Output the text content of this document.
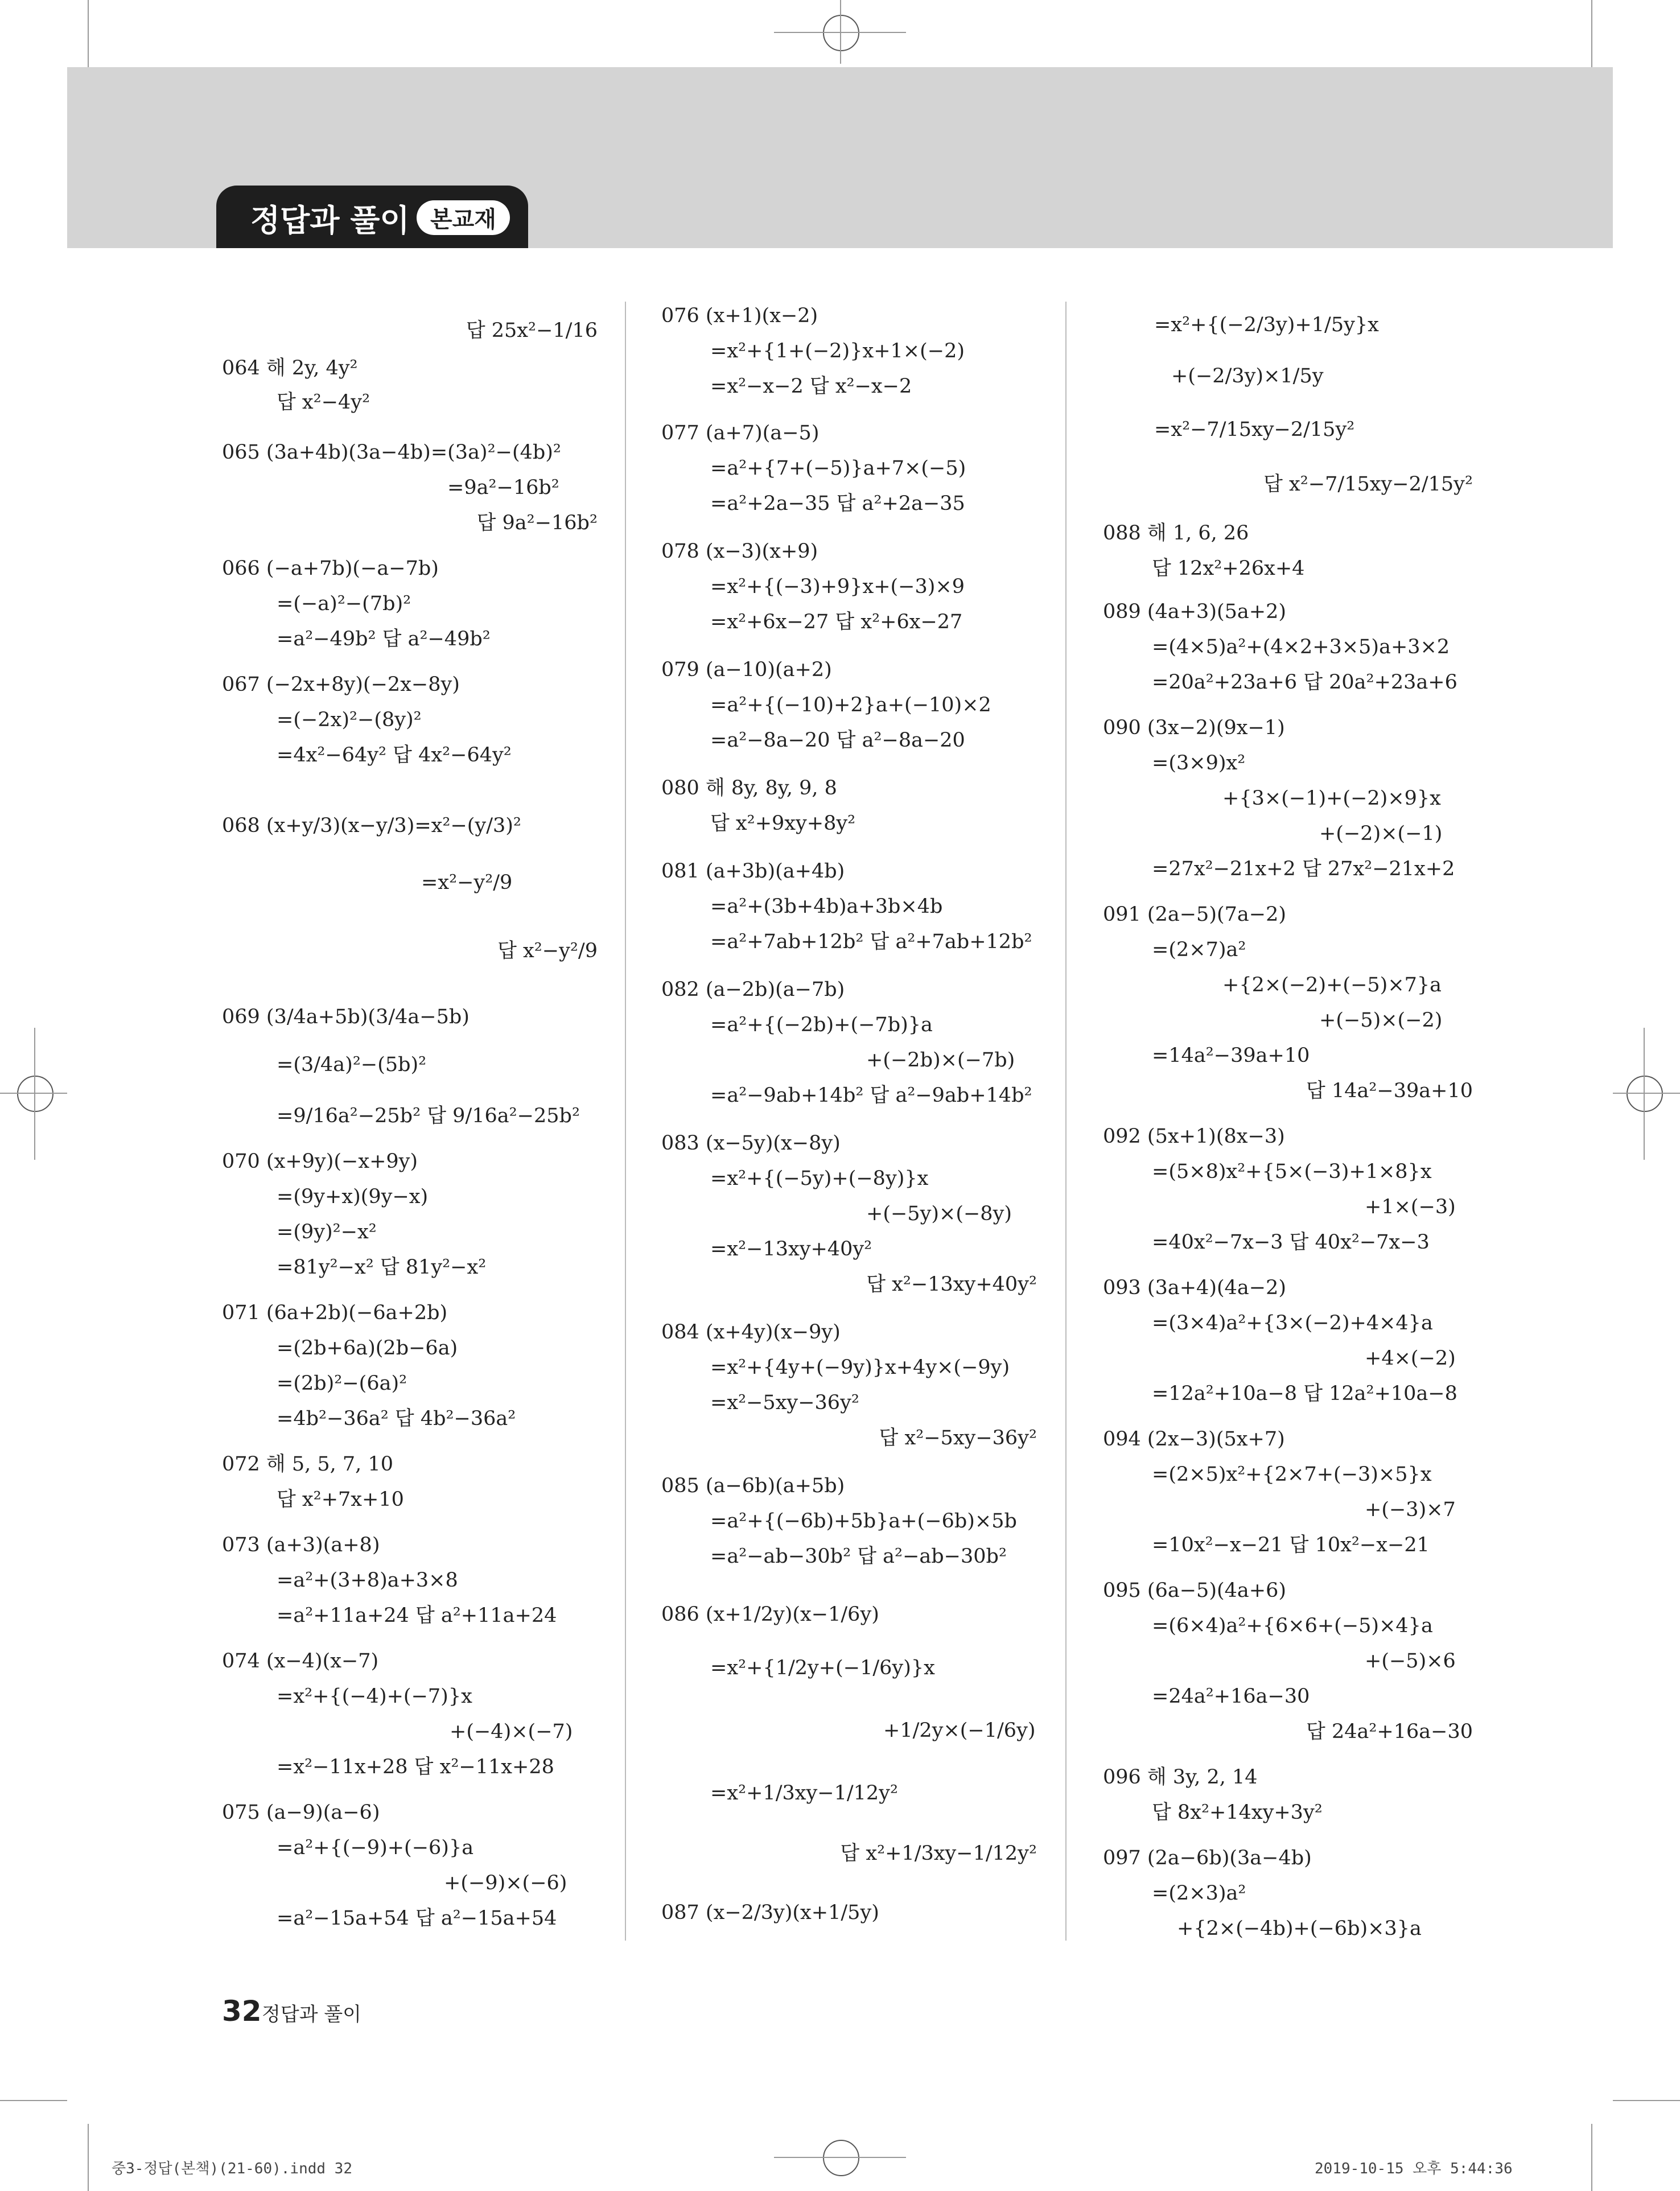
정답과 풀이 본교재
답 25x²−1/16
064 해 2y, 4y²
답 x²−4y²
065 (3a+4b)(3a−4b)=(3a)²−(4b)²
=9a²−16b²
답 9a²−16b²
066 (−a+7b)(−a−7b)
=(−a)²−(7b)²
=a²−49b² 답 a²−49b²
067 (−2x+8y)(−2x−8y)
=(−2x)²−(8y)²
=4x²−64y² 답 4x²−64y²
068 (x+y/3)(x−y/3)=x²−(y/3)²
=x²−y²/9
답 x²−y²/9
069 (3/4a+5b)(3/4a−5b)
=(3/4a)²−(5b)²
=9/16a²−25b² 답 9/16a²−25b²
070 (x+9y)(−x+9y)
=(9y+x)(9y−x)
=(9y)²−x²
=81y²−x² 답 81y²−x²
071 (6a+2b)(−6a+2b)
=(2b+6a)(2b−6a)
=(2b)²−(6a)²
=4b²−36a² 답 4b²−36a²
072 해 5, 5, 7, 10
답 x²+7x+10
073 (a+3)(a+8)
=a²+(3+8)a+3×8
=a²+11a+24 답 a²+11a+24
074 (x−4)(x−7)
=x²+{(−4)+(−7)}x
+(−4)×(−7)
=x²−11x+28 답 x²−11x+28
075 (a−9)(a−6)
=a²+{(−9)+(−6)}a
+(−9)×(−6)
=a²−15a+54 답 a²−15a+54
076 (x+1)(x−2)
=x²+{1+(−2)}x+1×(−2)
=x²−x−2 답 x²−x−2
077 (a+7)(a−5)
=a²+{7+(−5)}a+7×(−5)
=a²+2a−35 답 a²+2a−35
078 (x−3)(x+9)
=x²+{(−3)+9}x+(−3)×9
=x²+6x−27 답 x²+6x−27
079 (a−10)(a+2)
=a²+{(−10)+2}a+(−10)×2
=a²−8a−20 답 a²−8a−20
080 해 8y, 8y, 9, 8
답 x²+9xy+8y²
081 (a+3b)(a+4b)
=a²+(3b+4b)a+3b×4b
=a²+7ab+12b² 답 a²+7ab+12b²
082 (a−2b)(a−7b)
=a²+{(−2b)+(−7b)}a
+(−2b)×(−7b)
=a²−9ab+14b² 답 a²−9ab+14b²
083 (x−5y)(x−8y)
=x²+{(−5y)+(−8y)}x
+(−5y)×(−8y)
=x²−13xy+40y²
답 x²−13xy+40y²
084 (x+4y)(x−9y)
=x²+{4y+(−9y)}x+4y×(−9y)
=x²−5xy−36y²
답 x²−5xy−36y²
085 (a−6b)(a+5b)
=a²+{(−6b)+5b}a+(−6b)×5b
=a²−ab−30b² 답 a²−ab−30b²
086 (x+1/2y)(x−1/6y)
=x²+{1/2y+(−1/6y)}x
+1/2y×(−1/6y)
=x²+1/3xy−1/12y²
답 x²+1/3xy−1/12y²
087 (x−2/3y)(x+1/5y)
=x²+{(−2/3y)+1/5y}x
+(−2/3y)×1/5y
=x²−7/15xy−2/15y²
답 x²−7/15xy−2/15y²
088 해 1, 6, 26
답 12x²+26x+4
089 (4a+3)(5a+2)
=(4×5)a²+(4×2+3×5)a+3×2
=20a²+23a+6 답 20a²+23a+6
090 (3x−2)(9x−1)
=(3×9)x²
+{3×(−1)+(−2)×9}x
+(−2)×(−1)
=27x²−21x+2 답 27x²−21x+2
091 (2a−5)(7a−2)
=(2×7)a²
+{2×(−2)+(−5)×7}a
+(−5)×(−2)
=14a²−39a+10
답 14a²−39a+10
092 (5x+1)(8x−3)
=(5×8)x²+{5×(−3)+1×8}x
+1×(−3)
=40x²−7x−3 답 40x²−7x−3
093 (3a+4)(4a−2)
=(3×4)a²+{3×(−2)+4×4}a
+4×(−2)
=12a²+10a−8 답 12a²+10a−8
094 (2x−3)(5x+7)
=(2×5)x²+{2×7+(−3)×5}x
+(−3)×7
=10x²−x−21 답 10x²−x−21
095 (6a−5)(4a+6)
=(6×4)a²+{6×6+(−5)×4}a
+(−5)×6
=24a²+16a−30
답 24a²+16a−30
096 해 3y, 2, 14
답 8x²+14xy+3y²
097 (2a−6b)(3a−4b)
=(2×3)a²
+{2×(−4b)+(−6b)×3}a
32 정답과 풀이
중3-정답(본책)(21-60).indd 32	2019-10-15 오후 5:44:36
